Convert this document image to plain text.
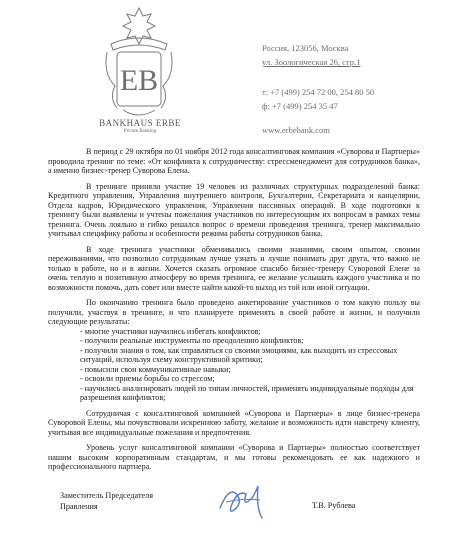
EB
BANKHAUS ERBE
Private Banking
Россия, 123056, Москва
ул. Зоологическая 26, стр.1
т: +7 (499) 254 72 00, 254 80 50
ф: +7 (499) 254 35 47
www.erbebank.com

В период с 29 октября по 01 ноября 2012 года консалтинговая компания «Суворова и Партнеры» проводила тренинг по теме: «От конфликта к сотрудничеству: стрессменеджмент для сотрудников банка», а именно бизнес-тренер Суворова Елена.

В тренинге приняли участие 19 человек из различных структурных подразделений банка: Кредитного управления, Управления внутреннего контроля, Бухгалтерии, Секретариата и канцелярии, Отдела кадров, Юридического управления, Управления пассивных операций. В ходе подготовки к тренингу были выявлены и учтены пожелания участников по интересующим их вопросам в рамках темы тренинга. Очень лояльно и гибко решался вопрос о времени проведения тренинга, тренер максимально учитывал специфику работы и особенности режима работы сотрудников банка.

В ходе тренинга участники обменивались своими знаниями, своим опытом, своими переживаниями, что позволило сотрудникам лучше узнать и лучше понимать друг друга, что важно не только в работе, но и в жизни. Хочется сказать огромное спасибо бизнес-тренеру Суворовой Елене за очень теплую и позитивную атмосферу во время тренинга, ее желание услышать каждого участника и по возможности помочь, дать совет или вместе найти какой-то выход из той или иной ситуации.

По окончанию тренинга было проведено анкетирование участников о том какую пользу вы получили, участвуя в тренинге, и что планируете применять в своей работе и жизни, и получили следующие результаты:

- многие участники научились избегать конфликтов;
- получили реальные инструменты по преодолению конфликтов;
- получили знания о том, как справляться со своими эмоциями, как выходить из стрессовых ситуаций, используя схему конструктивной критики;
- повысили свои коммуникативные навыки;
- освоили приемы борьбы со стрессом;
- научились анализировать людей по типам личностей, применять индивидуальные подходы для разрешения конфликтов;

Сотрудничая с консалтинговой компанией «Суворова и Партнеры» в лице бизнес-тренера Суворовой Елены, мы почувствовали искреннюю заботу, желание и возможность идти навстречу клиенту, учитывая все индивидуальные пожелания и предпочтения.

Уровень услуг консалтинговой компании «Суворова и Партнеры» полностью соответствует нашим высоким корпоративным стандартам, и мы готовы рекомендовать ее как надежного и профессионального партнера.

Заместитель Председателя
Правления	Т.В. Рублева
